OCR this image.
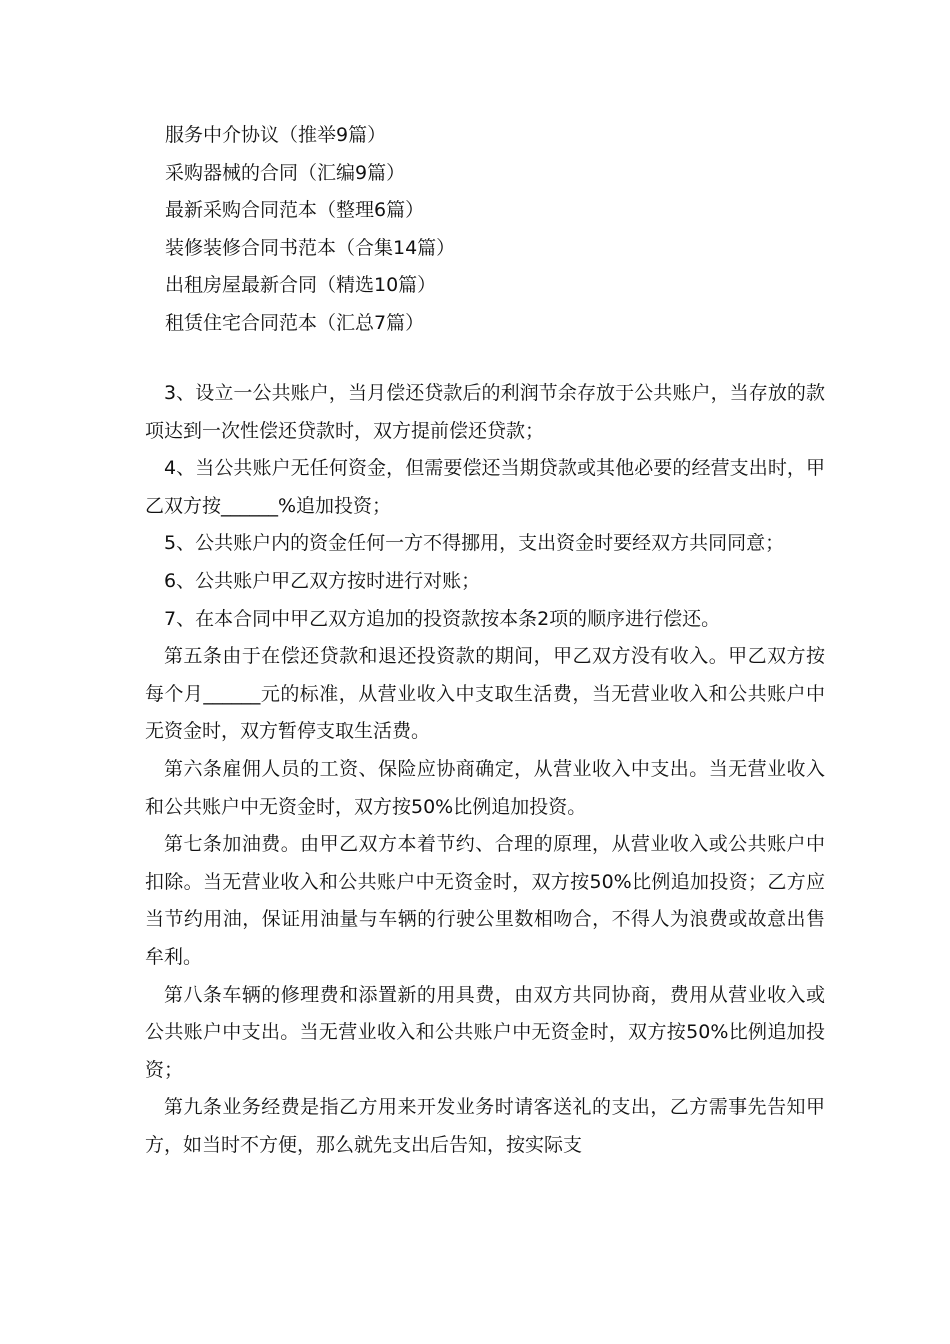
服务中介协议（推举9篇）
采购器械的合同（汇编9篇）
最新采购合同范本（整理6篇）
装修装修合同书范本（合集14篇）
出租房屋最新合同（精选10篇）
租赁住宅合同范本（汇总7篇）

3、设立一公共账户，当月偿还贷款后的利润节余存放于公共账户，当存放的款项达到一次性偿还贷款时，双方提前偿还贷款；

4、当公共账户无任何资金，但需要偿还当期贷款或其他必要的经营支出时，甲乙双方按______%追加投资；

5、公共账户内的资金任何一方不得挪用，支出资金时要经双方共同同意；

6、公共账户甲乙双方按时进行对账；

7、在本合同中甲乙双方追加的投资款按本条2项的顺序进行偿还。

第五条由于在偿还贷款和退还投资款的期间，甲乙双方没有收入。甲乙双方按每个月______元的标准，从营业收入中支取生活费，当无营业收入和公共账户中无资金时，双方暂停支取生活费。

第六条雇佣人员的工资、保险应协商确定，从营业收入中支出。当无营业收入和公共账户中无资金时，双方按50%比例追加投资。

第七条加油费。由甲乙双方本着节约、合理的原理，从营业收入或公共账户中扣除。当无营业收入和公共账户中无资金时，双方按50%比例追加投资；乙方应当节约用油，保证用油量与车辆的行驶公里数相吻合，不得人为浪费或故意出售牟利。

第八条车辆的修理费和添置新的用具费，由双方共同协商，费用从营业收入或公共账户中支出。当无营业收入和公共账户中无资金时，双方按50%比例追加投资；

第九条业务经费是指乙方用来开发业务时请客送礼的支出，乙方需事先告知甲方，如当时不方便，那么就先支出后告知，按实际支
